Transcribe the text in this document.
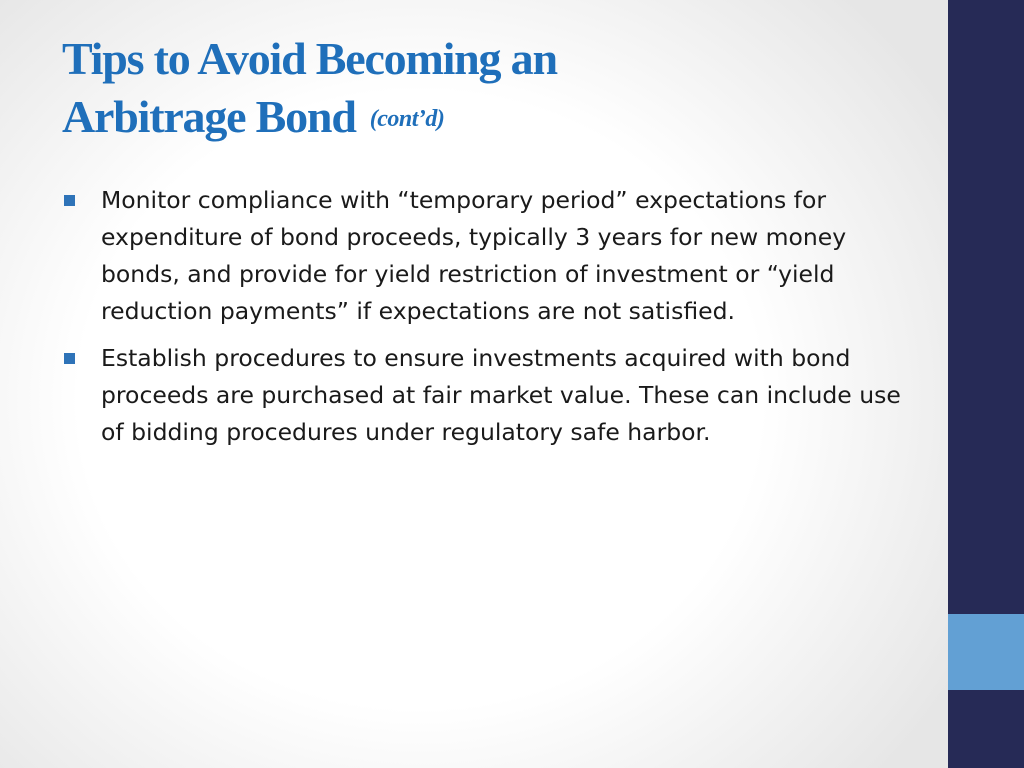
Tips to Avoid Becoming an
Arbitrage Bond (cont’d)
Monitor compliance with “temporary period” expectations for expenditure of bond proceeds, typically 3 years for new money bonds, and provide for yield restriction of investment or “yield reduction payments” if expectations are not satisfied.
Establish procedures to ensure investments acquired with bond proceeds are purchased at fair market value. These can include use of bidding procedures under regulatory safe harbor.
